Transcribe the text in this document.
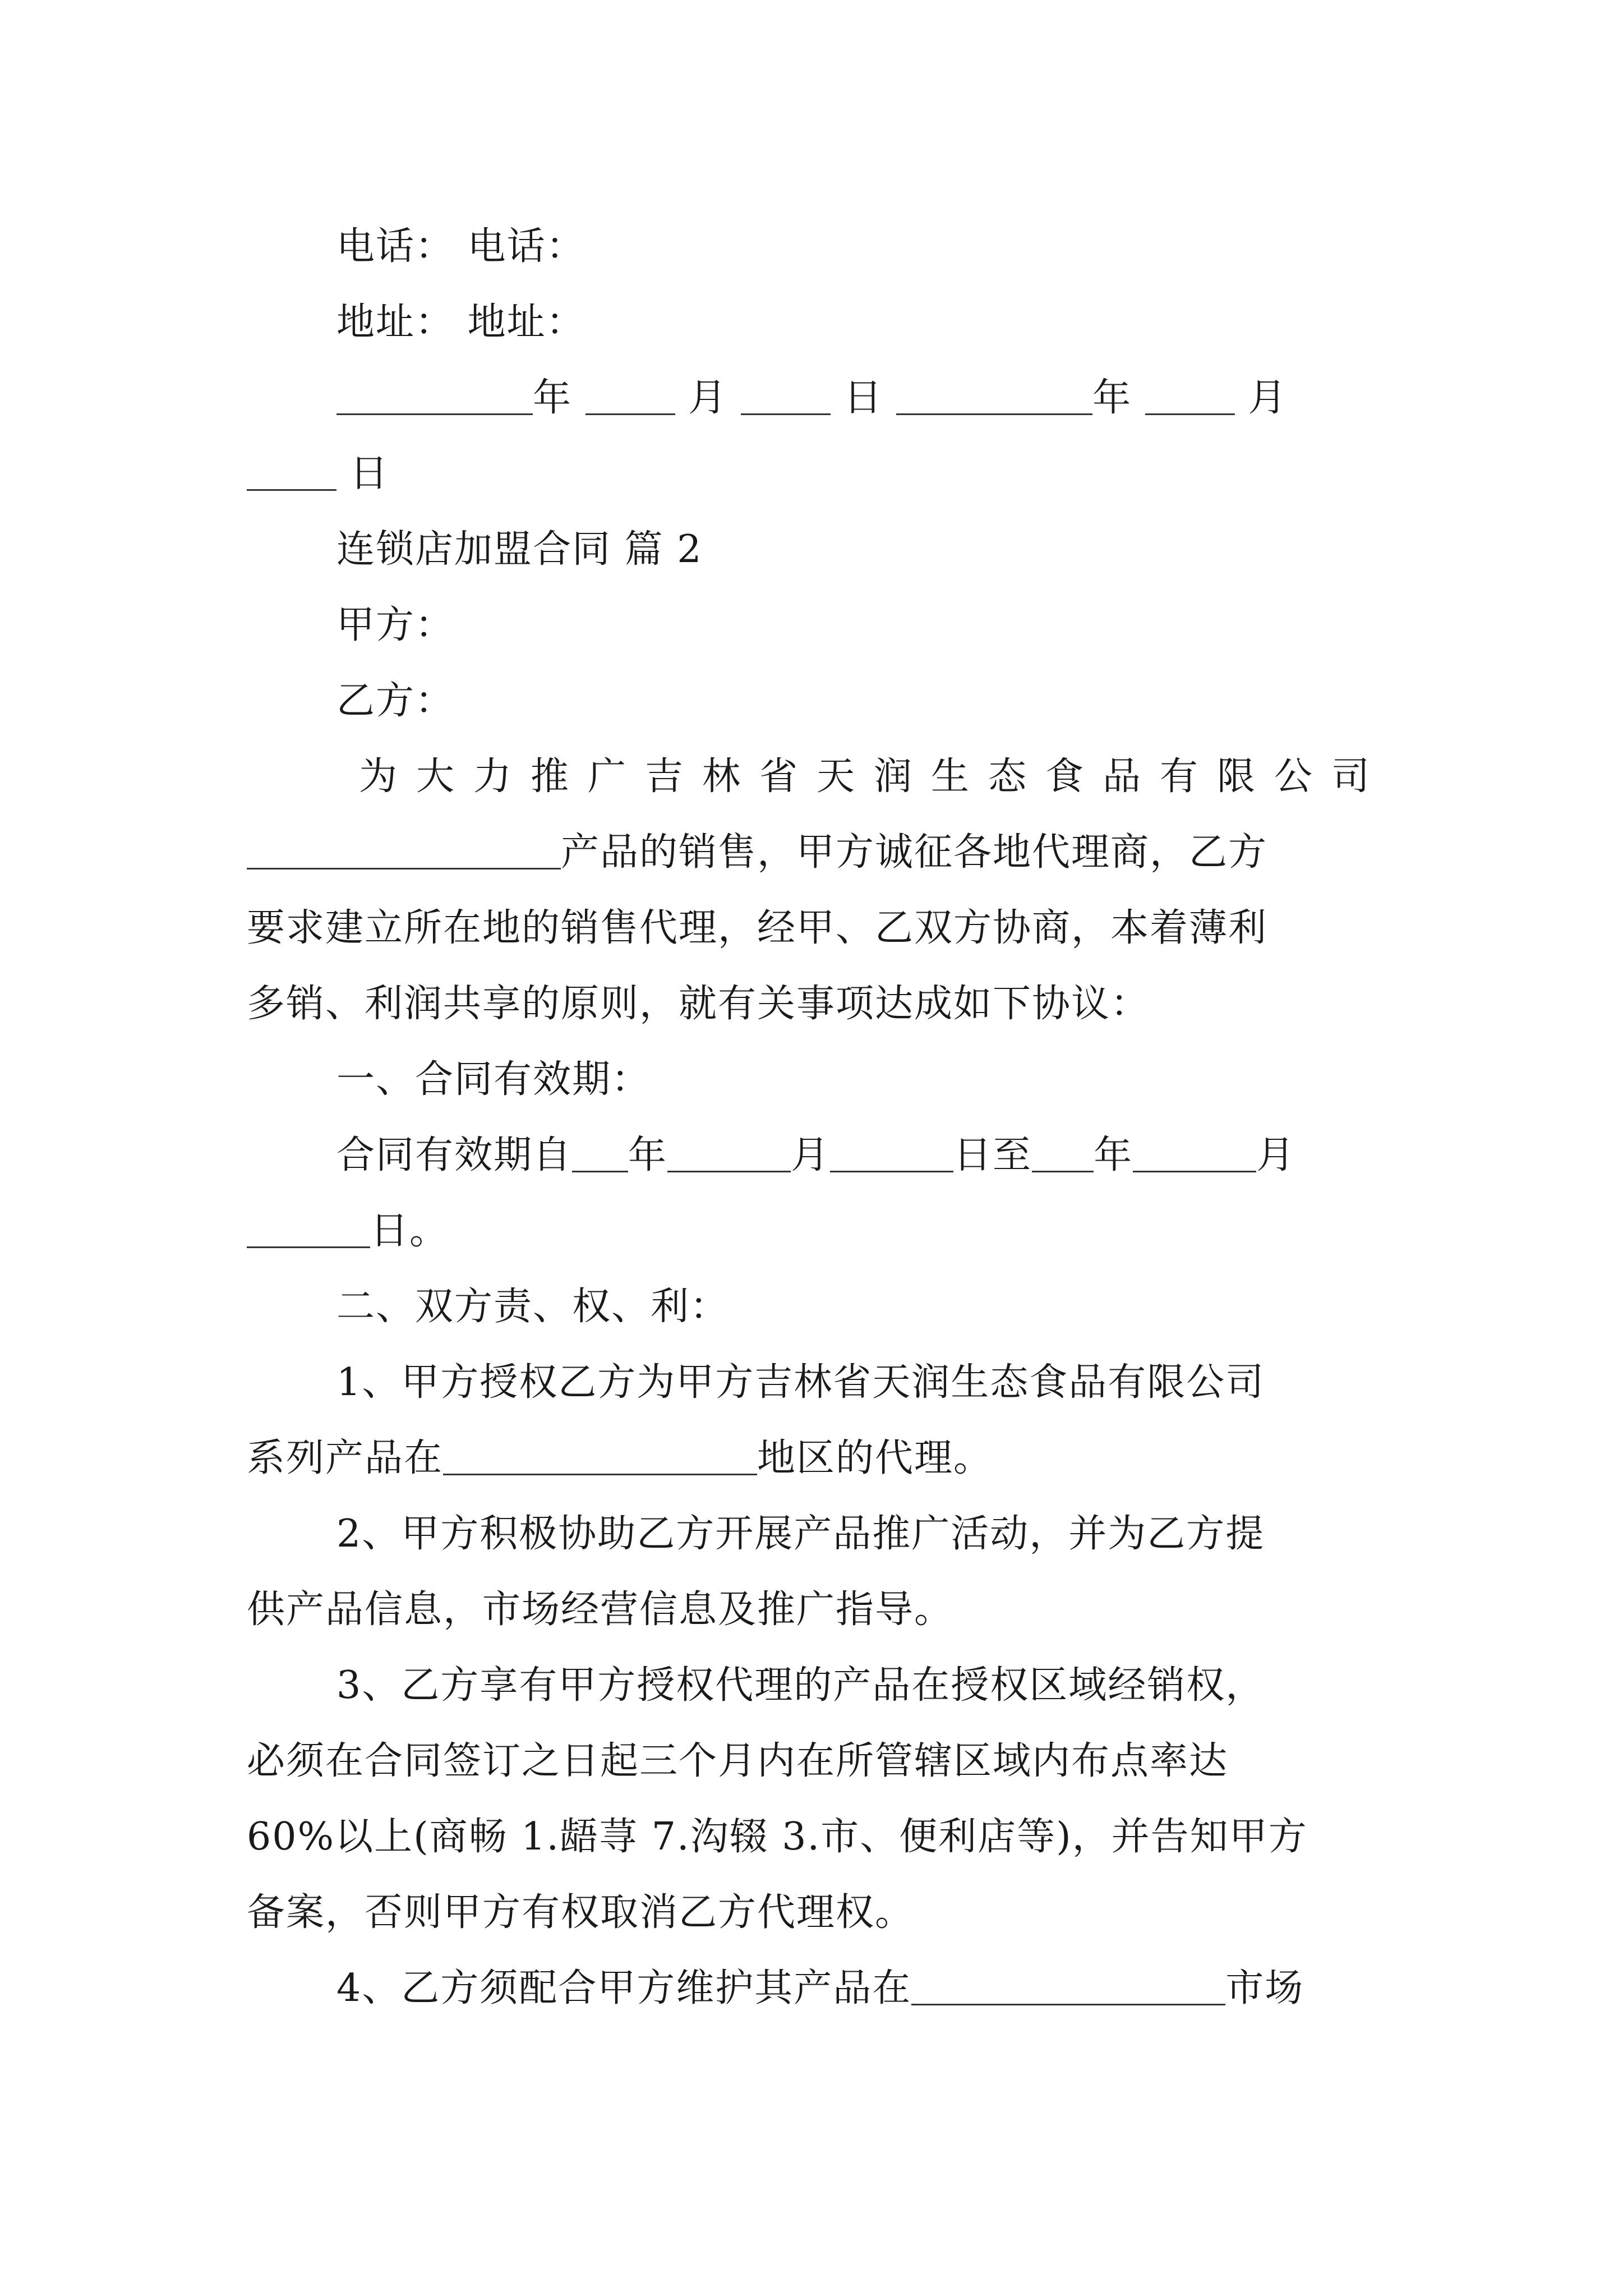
电话： 电话：
地址： 地址：
年	月	日	年	月
日
连锁店加盟合同 篇 2
甲方：
乙方：
为大力推广吉林省天润生态食品有限公司
产品的销售，甲方诚征各地代理商，乙方
要求建立所在地的销售代理，经甲、乙双方协商，本着薄利
多销、利润共享的原则，就有关事项达成如下协议：
一、合同有效期：
合同有效期自 年	月	日至 年	月
日。
二、双方责、权、利：
1、甲方授权乙方为甲方吉林省天润生态食品有限公司
系列产品在	地区的代理。
2、甲方积极协助乙方开展产品推广活动，并为乙方提
供产品信息，市场经营信息及推广指导。
3、乙方享有甲方授权代理的产品在授权区域经销权，
必须在合同签订之日起三个月内在所管辖区域内布点率达
60%以上(商畅 1.龉荨 7.沟辍 3.市、便利店等)，并告知甲方
备案，否则甲方有权取消乙方代理权。
4、乙方须配合甲方维护其产品在	市场
